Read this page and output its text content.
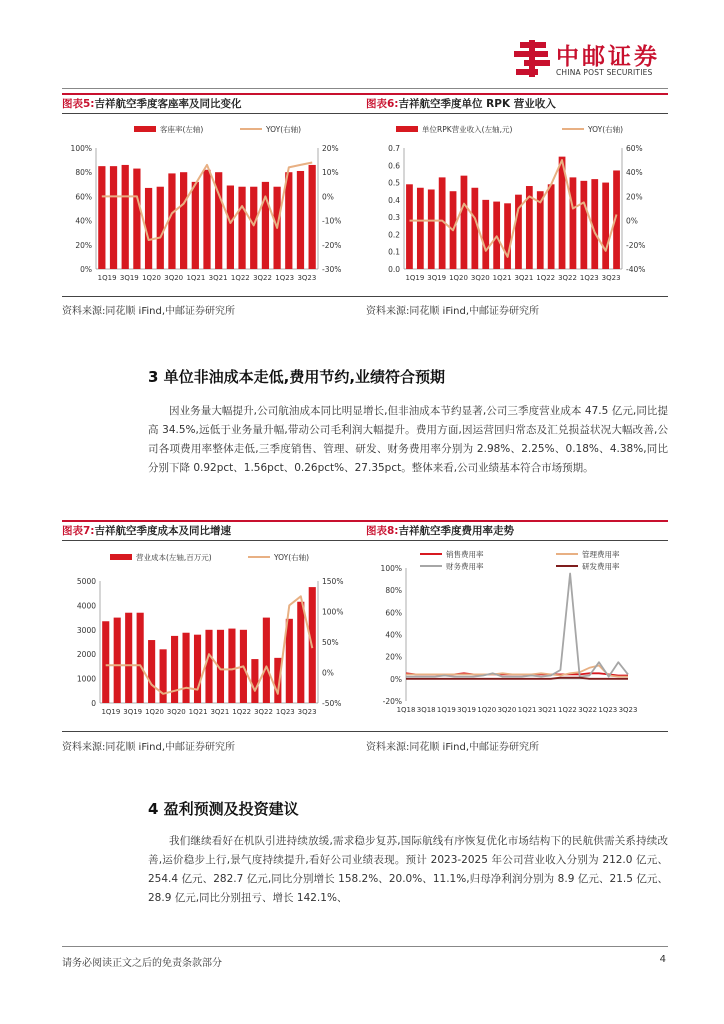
中邮证券
CHINA POST SECURITIES
图表5:吉祥航空季度客座率及同比变化	图表6:吉祥航空季度单位 RPK 营业收入
0%
20%
40%
60%
80%
100%
-30%
-20%
-10%
0%
10%
20%
1Q19 3Q19 1Q20 3Q20 1Q21 3Q21 1Q22 3Q22 1Q23 3Q23
客座率(左轴)	YOY(右轴)
0.0
0.1
0.2
0.3
0.4
0.5
0.6
0.7
-40%
-20%
0%
20%
40%
60%
1Q19 3Q19 1Q20 3Q20 1Q21 3Q21 1Q22 3Q22 1Q23 3Q23
单位RPK营业收入(左轴,元)	YOY(右轴)
资料来源:同花顺 iFind,中邮证券研究所	资料来源:同花顺 iFind,中邮证券研究所
3 单位非油成本走低,费用节约,业绩符合预期
因业务量大幅提升,公司航油成本同比明显增长,但非油成本节约显著,公司三季度营业成本 47.5 亿元,同比提高 34.5%,远低于业务量升幅,带动公司毛利润大幅提升。费用方面,因运营回归常态及汇兑损益状况大幅改善,公司各项费用率整体走低,三季度销售、管理、研发、财务费用率分别为 2.98%、2.25%、0.18%、4.38%,同比分别下降 0.92pct、1.56pct、0.26pct%、27.35pct。整体来看,公司业绩基本符合市场预期。
图表7:吉祥航空季度成本及同比增速	图表8:吉祥航空季度费用率走势
0
1000
2000
3000
4000
5000
-50%
0%
50%
100%
150%
1Q19 3Q19 1Q20 3Q20 1Q21 3Q21 1Q22 3Q22 1Q23 3Q23
营业成本(左轴,百万元)	YOY(右轴)
-20%
0%
20%
40%
60%
80%
100%
1Q18 3Q18 1Q19 3Q19 1Q20 3Q20 1Q21 3Q21 1Q22 3Q22 1Q23 3Q23
销售费用率	管理费用率
财务费用率	研发费用率
资料来源:同花顺 iFind,中邮证券研究所	资料来源:同花顺 iFind,中邮证券研究所
4 盈利预测及投资建议
我们继续看好在机队引进持续放缓,需求稳步复苏,国际航线有序恢复优化市场结构下的民航供需关系持续改善,运价稳步上行,景气度持续提升,看好公司业绩表现。预计 2023-2025 年公司营业收入分别为 212.0 亿元、254.4 亿元、282.7 亿元,同比分别增长 158.2%、20.0%、11.1%,归母净利润分别为 8.9 亿元、21.5 亿元、28.9 亿元,同比分别扭亏、增长 142.1%、
请务必阅读正文之后的免责条款部分	4
